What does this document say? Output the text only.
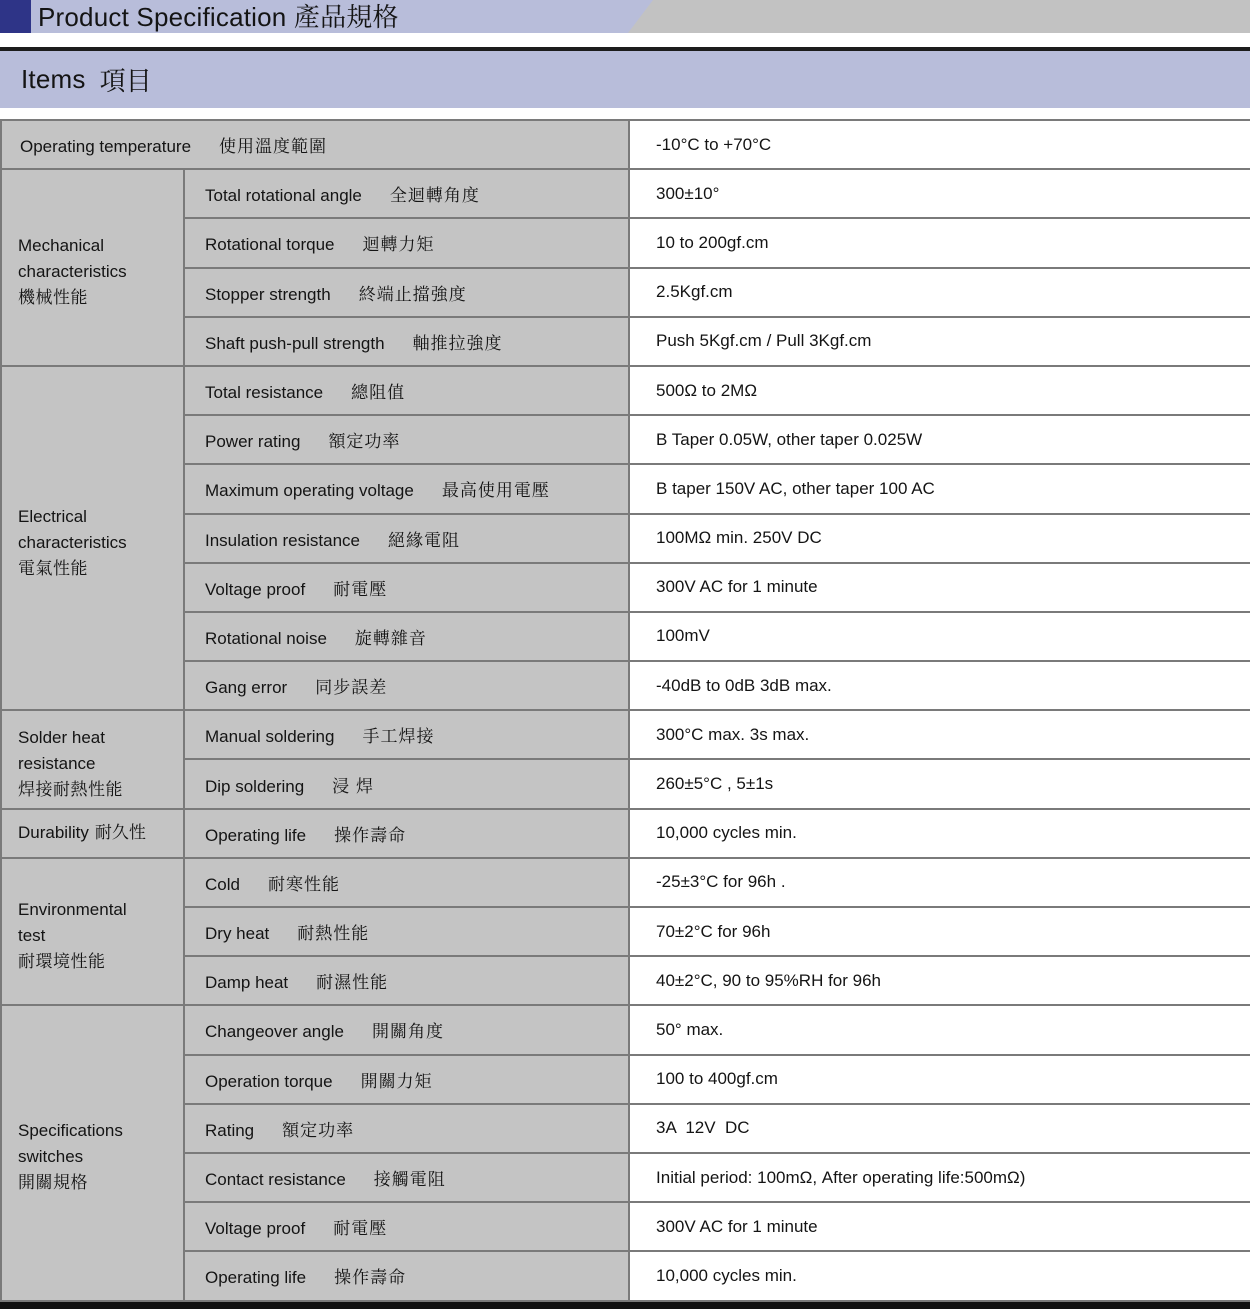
Product Specification 產品規格
Items 項目
Operating temperature 使用溫度範圍		-10°C to +70°C

Mechanical
characteristics
機械性能	Total rotational angle 全迴轉角度	300±10°
	Rotational torque 迴轉力矩	10 to 200gf.cm
	Stopper strength 終端止擋強度	2.5Kgf.cm
	Shaft push-pull strength 軸推拉強度	Push 5Kgf.cm / Pull 3Kgf.cm

Electrical
characteristics
電氣性能	Total resistance 總阻值	500Ω to 2MΩ
	Power rating 額定功率	B Taper 0.05W, other taper 0.025W
	Maximum operating voltage 最高使用電壓	B taper 150V AC, other taper 100 AC
	Insulation resistance 絕緣電阻	100MΩ min. 250V DC
	Voltage proof 耐電壓	300V AC for 1 minute
	Rotational noise 旋轉雜音	100mV
	Gang error 同步誤差	-40dB to 0dB 3dB max.

Solder heat
resistance
焊接耐熱性能	Manual soldering 手工焊接	300°C max. 3s max.
	Dip soldering 浸 焊	260±5°C , 5±1s
Durability 耐久性	Operating life 操作壽命	10,000 cycles min.

Environmental
test
耐環境性能	Cold 耐寒性能	-25±3°C for 96h .
	Dry heat 耐熱性能	70±2°C for 96h
	Damp heat 耐濕性能	40±2°C, 90 to 95%RH for 96h

Specifications
switches
開關規格	Changeover angle 開關角度	50° max.
	Operation torque 開關力矩	100 to 400gf.cm
	Rating 額定功率	3A  12V  DC
	Contact resistance 接觸電阻	Initial period: 100mΩ, After operating life:500mΩ)
	Voltage proof 耐電壓	300V AC for 1 minute
	Operating life 操作壽命	10,000 cycles min.
